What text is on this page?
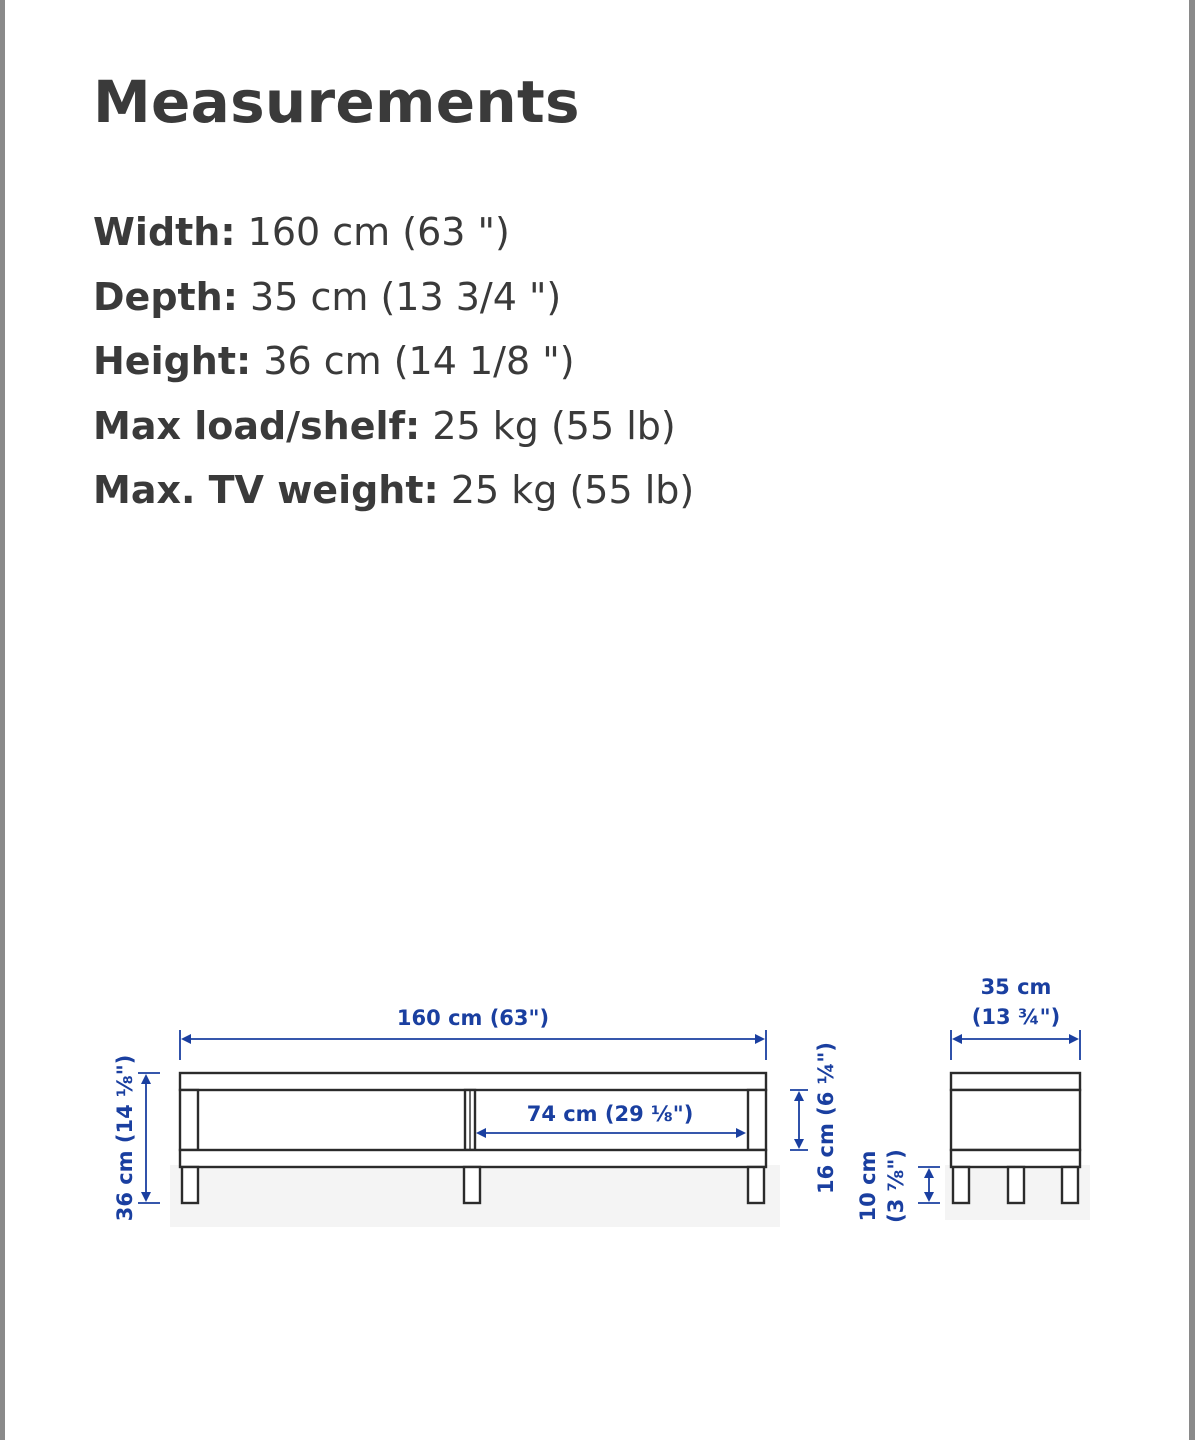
Measurements
Width: 160 cm (63 ")
Depth: 35 cm (13 3/4 ")
Height: 36 cm (14 1/8 ")
Max load/shelf: 25 kg (55 lb)
Max. TV weight: 25 kg (55 lb)
160 cm (63")
74 cm (29 ⅛")
36 cm (14 ⅛")	16 cm (6 ¼") 10 cm (3 ⅞")
35 cm
(13 ¾")
